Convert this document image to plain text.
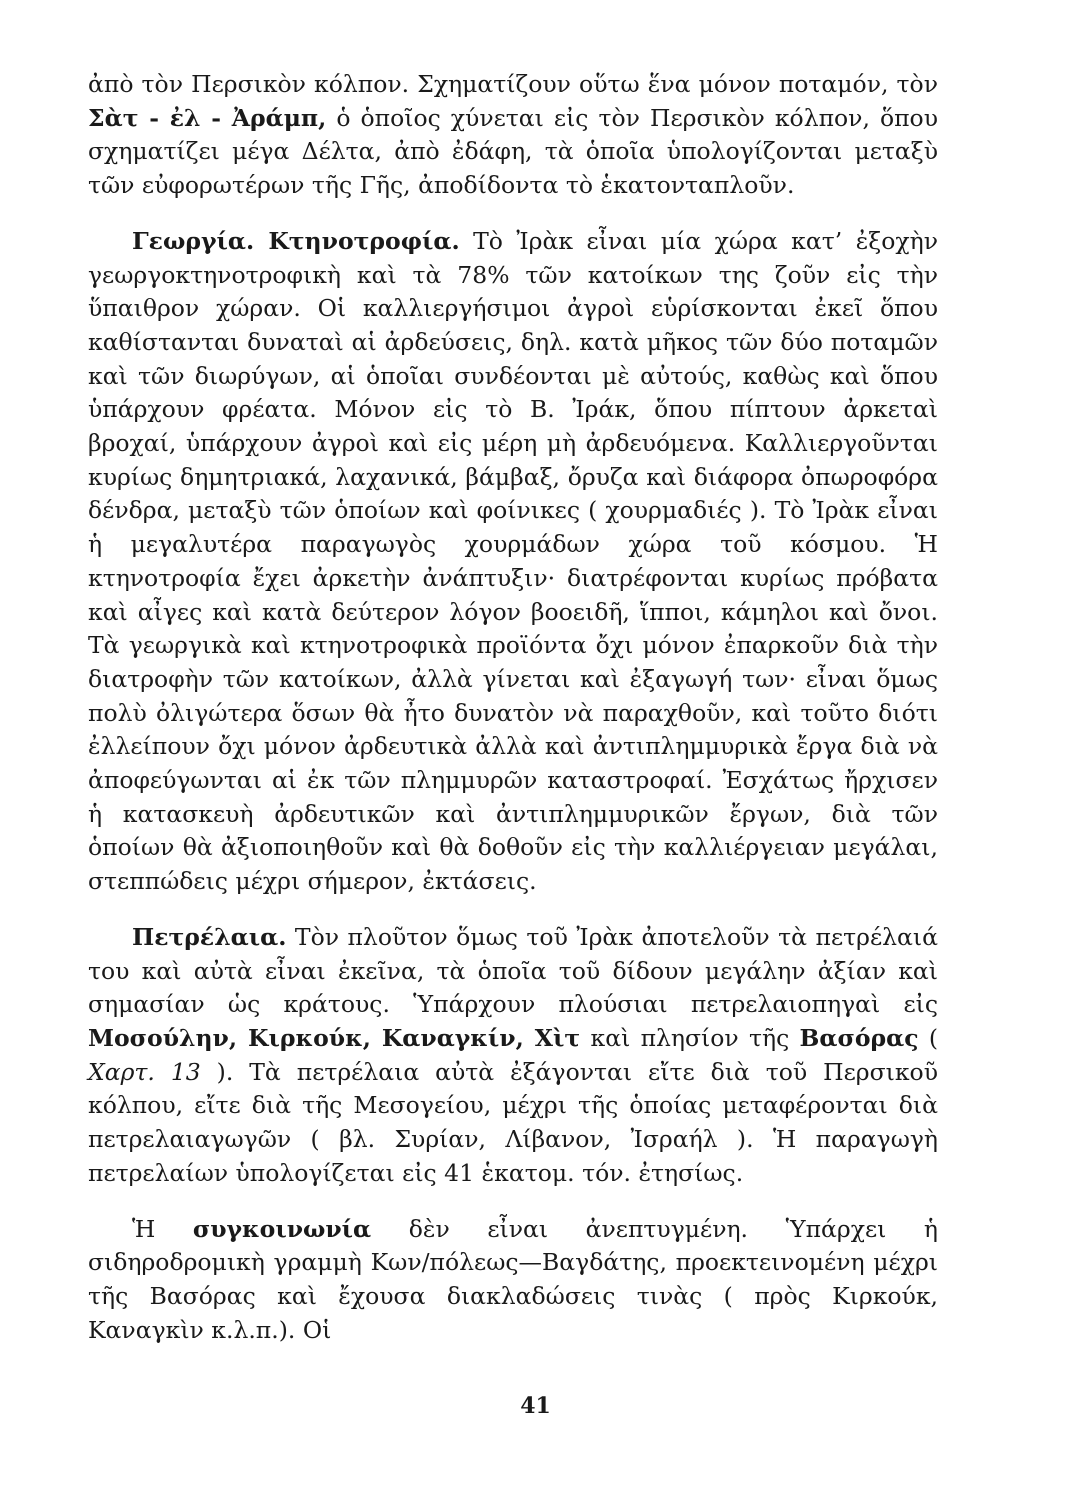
ἀπὸ τὸν Περσικὸν κόλπον. Σχηματίζουν οὕτω ἕνα μόνον ποταμόν, τὸν Σὰτ - ἐλ - Ἀράμπ, ὁ ὁποῖος χύνεται εἰς τὸν Περσικὸν κόλπον, ὅπου σχηματίζει μέγα Δέλτα, ἀπὸ ἐδάφη, τὰ ὁποῖα ὑπολογίζονται μεταξὺ τῶν εὐφορωτέρων τῆς Γῆς, ἀποδίδοντα τὸ ἑκατονταπλοῦν.

Γεωργία. Κτηνοτροφία. Τὸ Ἰρὰκ εἶναι μία χώρα κατ’ ἐξοχὴν γεωργοκτηνοτροφικὴ καὶ τὰ 78% τῶν κατοίκων της ζοῦν εἰς τὴν ὕπαιθρον χώραν. Οἱ καλλιεργήσιμοι ἀγροὶ εὑρίσκονται ἐκεῖ ὅπου καθίστανται δυναταὶ αἱ ἀρδεύσεις, δηλ. κατὰ μῆκος τῶν δύο ποταμῶν καὶ τῶν διωρύγων, αἱ ὁποῖαι συνδέονται μὲ αὐτούς, καθὼς καὶ ὅπου ὑπάρχουν φρέατα. Μόνον εἰς τὸ Β. Ἰράκ, ὅπου πίπτουν ἀρκεταὶ βροχαί, ὑπάρχουν ἀγροὶ καὶ εἰς μέρη μὴ ἀρδευόμενα. Καλλιεργοῦνται κυρίως δημητριακά, λαχανικά, βάμβαξ, ὄρυζα καὶ διάφορα ὀπωροφόρα δένδρα, μεταξὺ τῶν ὁποίων καὶ φοίνικες ( χουρμαδιές ). Τὸ Ἰρὰκ εἶναι ἡ μεγαλυτέρα παραγωγὸς χουρμάδων χώρα τοῦ κόσμου. Ἡ κτηνοτροφία ἔχει ἀρκετὴν ἀνάπτυξιν· διατρέφονται κυρίως πρόβατα καὶ αἶγες καὶ κατὰ δεύτερον λόγον βοοειδῆ, ἵπποι, κάμηλοι καὶ ὄνοι. Τὰ γεωργικὰ καὶ κτηνοτροφικὰ προϊόντα ὄχι μόνον ἐπαρκοῦν διὰ τὴν διατροφὴν τῶν κατοίκων, ἀλλὰ γίνεται καὶ ἐξαγωγή των· εἶναι ὅμως πολὺ ὀλιγώτερα ὅσων θὰ ἦτο δυνατὸν νὰ παραχθοῦν, καὶ τοῦτο διότι ἐλλείπουν ὄχι μόνον ἀρδευτικὰ ἀλλὰ καὶ ἀντιπλημμυρικὰ ἔργα διὰ νὰ ἀποφεύγωνται αἱ ἐκ τῶν πλημμυρῶν καταστροφαί. Ἐσχάτως ἤρχισεν ἡ κατασκευὴ ἀρδευτικῶν καὶ ἀντιπλημμυρικῶν ἔργων, διὰ τῶν ὁποίων θὰ ἀξιοποιηθοῦν καὶ θὰ δοθοῦν εἰς τὴν καλλιέργειαν μεγάλαι, στεππώδεις μέχρι σήμερον, ἐκτάσεις.

Πετρέλαια. Τὸν πλοῦτον ὅμως τοῦ Ἰρὰκ ἀποτελοῦν τὰ πετρέλαιά του καὶ αὐτὰ εἶναι ἐκεῖνα, τὰ ὁποῖα τοῦ δίδουν μεγάλην ἀξίαν καὶ σημασίαν ὡς κράτους. Ὑπάρχουν πλούσιαι πετρελαιοπηγαὶ εἰς Μοσούλην, Κιρκούκ, Καναγκίν, Χὶτ καὶ πλησίον τῆς Βασόρας ( Χαρτ. 13 ). Τὰ πετρέλαια αὐτὰ ἐξάγονται εἴτε διὰ τοῦ Περσικοῦ κόλπου, εἴτε διὰ τῆς Μεσογείου, μέχρι τῆς ὁποίας μεταφέρονται διὰ πετρελαιαγωγῶν ( βλ. Συρίαν, Λίβανον, Ἰσραήλ ). Ἡ παραγωγὴ πετρελαίων ὑπολογίζεται εἰς 41 ἑκατομ. τόν. ἐτησίως.

Ἡ συγκοινωνία δὲν εἶναι ἀνεπτυγμένη. Ὑπάρχει ἡ σιδηροδρομικὴ γραμμὴ Κων/πόλεως—Βαγδάτης, προεκτεινομένη μέχρι τῆς Βασόρας καὶ ἔχουσα διακλαδώσεις τινὰς ( πρὸς Κιρκούκ, Καναγκὶν κ.λ.π.). Οἱ

41
